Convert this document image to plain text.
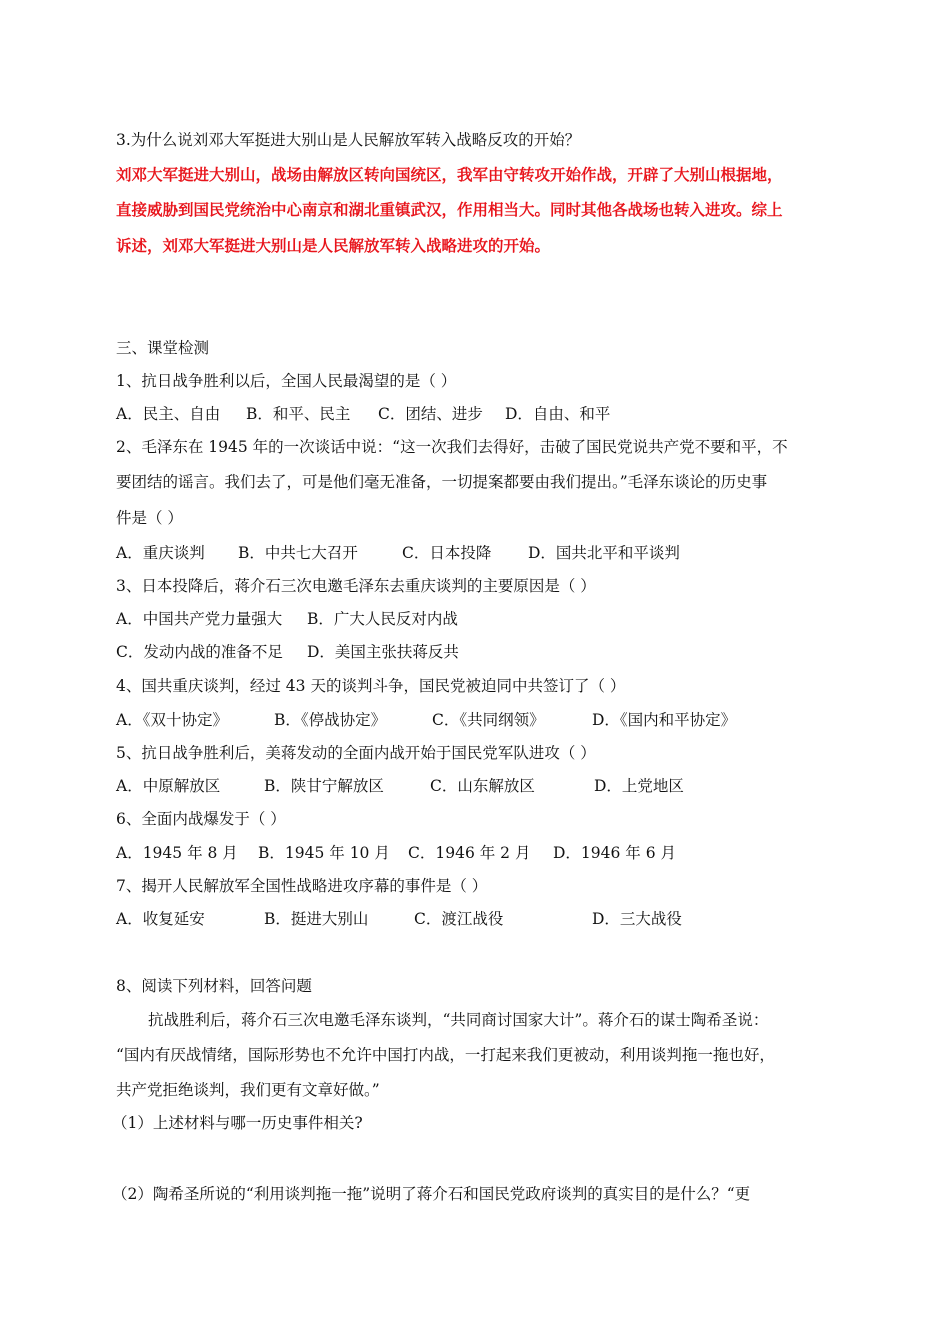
3.为什么说刘邓大军挺进大别山是人民解放军转入战略反攻的开始？
刘邓大军挺进大别山，战场由解放区转向国统区，我军由守转攻开始作战，开辟了大别山根据地，
直接威胁到国民党统治中心南京和湖北重镇武汉，作用相当大。同时其他各战场也转入进攻。综上
诉述，刘邓大军挺进大别山是人民解放军转入战略进攻的开始。
三、课堂检测
1、抗日战争胜利以后，全国人民最渴望的是（ ）
A．民主、自由	B．和平、民主	C．团结、进步	D．自由、和平
2、毛泽东在 1945 年的一次谈话中说：“这一次我们去得好，击破了国民党说共产党不要和平，不
要团结的谣言。我们去了，可是他们毫无准备，一切提案都要由我们提出。”毛泽东谈论的历史事
件是（ ）
A．重庆谈判	B．中共七大召开	C．日本投降	D．国共北平和平谈判
3、日本投降后，蒋介石三次电邀毛泽东去重庆谈判的主要原因是（ ）
A．中国共产党力量强大	B．广大人民反对内战
C．发动内战的准备不足	D．美国主张扶蒋反共
4、国共重庆谈判，经过 43 天的谈判斗争，国民党被迫同中共签订了（ ）
A．《双十协定》	B．《停战协定》	C．《共同纲领》	D．《国内和平协定》
5、抗日战争胜利后，美蒋发动的全面内战开始于国民党军队进攻（ ）
A．中原解放区	B．陕甘宁解放区	C．山东解放区	D．上党地区
6、全面内战爆发于（ ）
A．1945 年 8 月	B．1945 年 10 月	C．1946 年 2 月	D．1946 年 6 月
7、揭开人民解放军全国性战略进攻序幕的事件是（ ）
A．收复延安	B．挺进大别山	C．渡江战役	D．三大战役
8、阅读下列材料，回答问题
抗战胜利后，蒋介石三次电邀毛泽东谈判，“共同商讨国家大计”。蒋介石的谋士陶希圣说：
“国内有厌战情绪，国际形势也不允许中国打内战，一打起来我们更被动，利用谈判拖一拖也好，
共产党拒绝谈判，我们更有文章好做。”
（1）上述材料与哪一历史事件相关?
（2）陶希圣所说的“利用谈判拖一拖”说明了蒋介石和国民党政府谈判的真实目的是什么？“更
